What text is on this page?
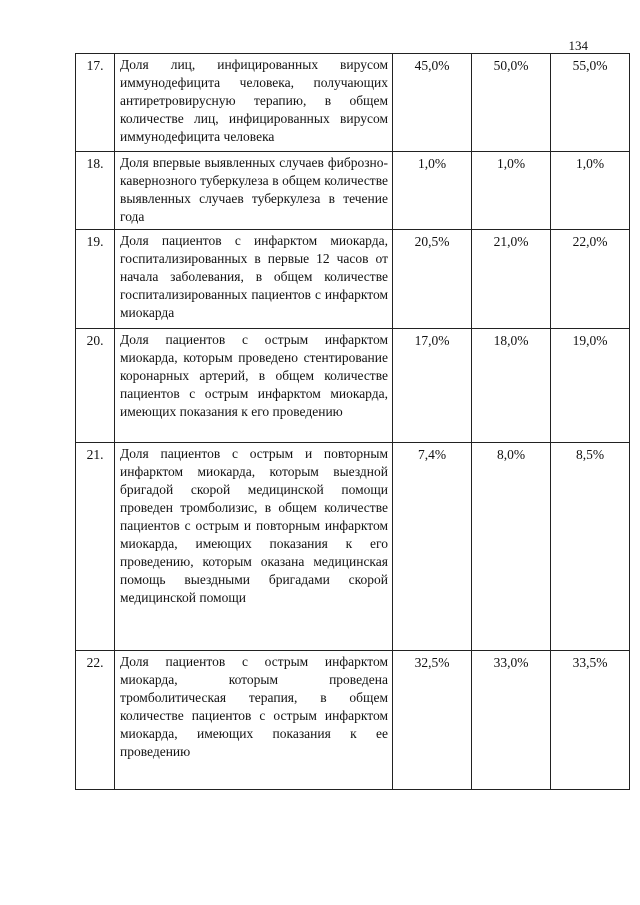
134
17.	Доля лиц, инфицированных вирусом иммунодефицита человека, получающих антиретровирусную терапию, в общем количестве лиц, инфицированных вирусом иммунодефицита человека	45,0%	50,0%	55,0%
18.	Доля впервые выявленных случаев фиброзно-кавернозного туберкулеза в общем количестве выявленных случаев туберкулеза в течение года	1,0%	1,0%	1,0%
19.	Доля пациентов с инфарктом миокарда, госпитализированных в первые 12 часов от начала заболевания, в общем количестве госпитализированных пациентов с инфарктом миокарда	20,5%	21,0%	22,0%
20.	Доля пациентов с острым инфарктом миокарда, которым проведено стентирование коронарных артерий, в общем количестве пациентов с острым инфарктом миокарда, имеющих показания к его проведению	17,0%	18,0%	19,0%
21.	Доля пациентов с острым и повторным инфарктом миокарда, которым выездной бригадой скорой медицинской помощи проведен тромболизис, в общем количестве пациентов с острым и повторным инфарктом миокарда, имеющих показания к его проведению, которым оказана медицинская помощь выездными бригадами скорой медицинской помощи	7,4%	8,0%	8,5%
22.	Доля пациентов с острым инфарктом миокарда, которым проведена тромболитическая терапия, в общем количестве пациентов с острым инфарктом миокарда, имеющих показания к ее проведению	32,5%	33,0%	33,5%
